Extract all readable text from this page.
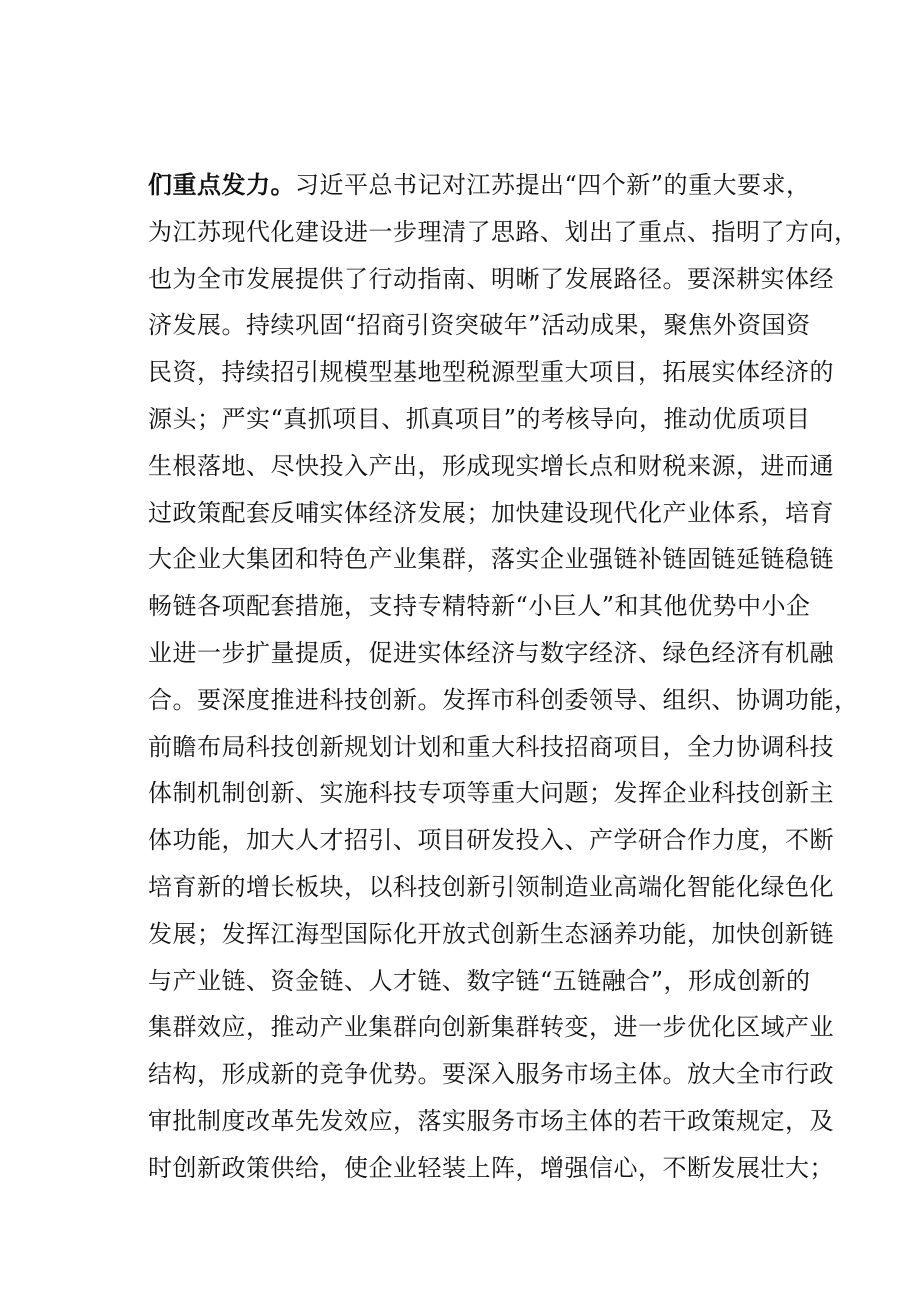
们重点发力。习近平总书记对江苏提出“四个新”的重大要求，
为江苏现代化建设进一步理清了思路、划出了重点、指明了方向，
也为全市发展提供了行动指南、明晰了发展路径。要深耕实体经
济发展。持续巩固“招商引资突破年”活动成果，聚焦外资国资
民资，持续招引规模型基地型税源型重大项目，拓展实体经济的
源头；严实“真抓项目、抓真项目”的考核导向，推动优质项目
生根落地、尽快投入产出，形成现实增长点和财税来源，进而通
过政策配套反哺实体经济发展；加快建设现代化产业体系，培育
大企业大集团和特色产业集群，落实企业强链补链固链延链稳链
畅链各项配套措施，支持专精特新“小巨人”和其他优势中小企
业进一步扩量提质，促进实体经济与数字经济、绿色经济有机融
合。要深度推进科技创新。发挥市科创委领导、组织、协调功能，
前瞻布局科技创新规划计划和重大科技招商项目，全力协调科技
体制机制创新、实施科技专项等重大问题；发挥企业科技创新主
体功能，加大人才招引、项目研发投入、产学研合作力度，不断
培育新的增长板块，以科技创新引领制造业高端化智能化绿色化
发展；发挥江海型国际化开放式创新生态涵养功能，加快创新链
与产业链、资金链、人才链、数字链“五链融合”，形成创新的
集群效应，推动产业集群向创新集群转变，进一步优化区域产业
结构，形成新的竞争优势。要深入服务市场主体。放大全市行政
审批制度改革先发效应，落实服务市场主体的若干政策规定，及
时创新政策供给，使企业轻装上阵，增强信心，不断发展壮大；
